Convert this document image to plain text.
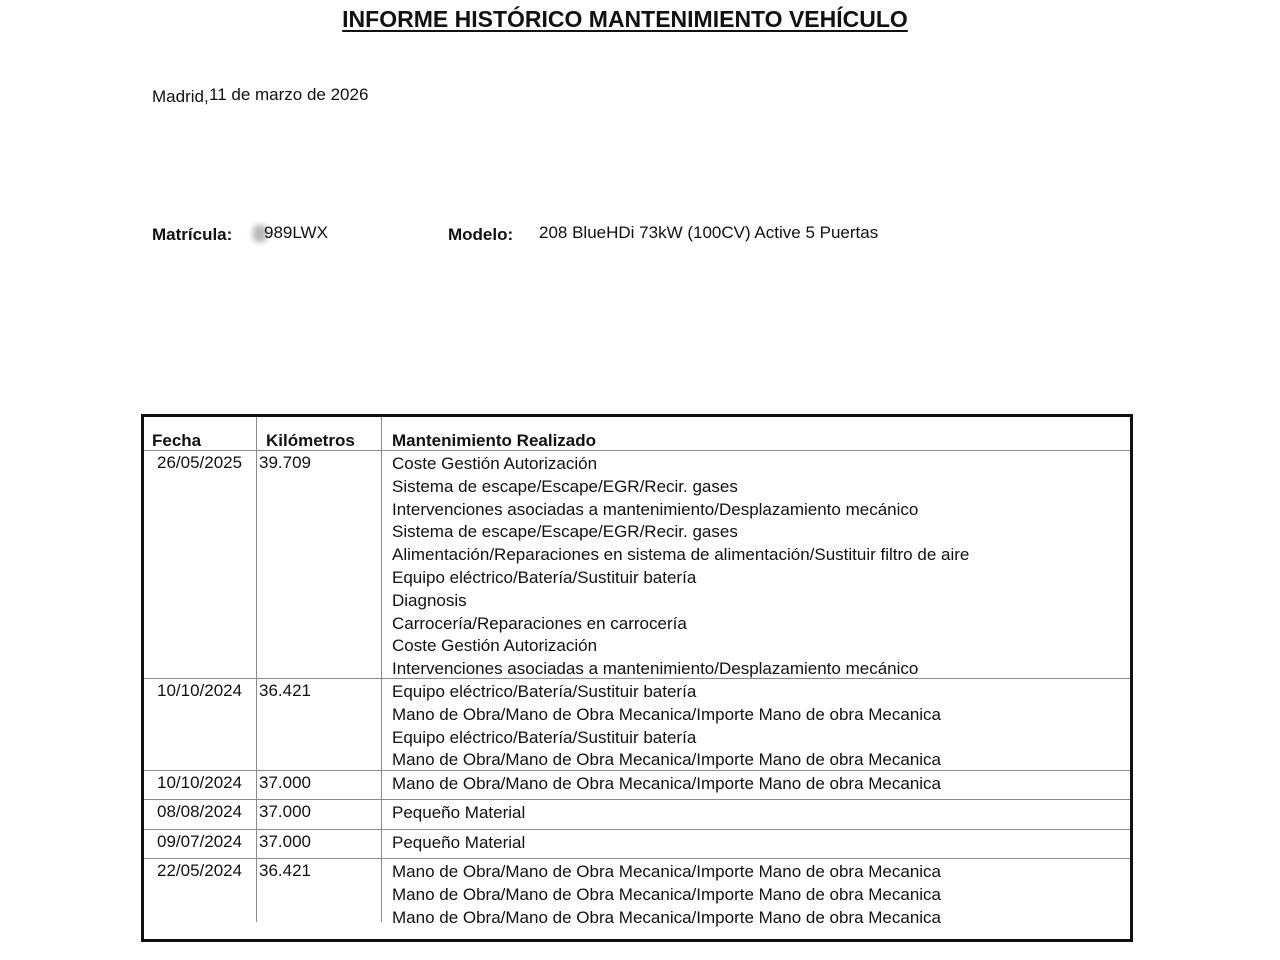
INFORME HISTÓRICO MANTENIMIENTO VEHÍCULO
Madrid, 11 de marzo de 2026
Matrícula: 989LWX	Modelo: 208 BlueHDi 73kW (100CV) Active 5 Puertas
Fecha	Kilómetros Mantenimiento Realizado
26/05/2025 39.709	Coste Gestión Autorización
Sistema de escape/Escape/EGR/Recir. gases
Intervenciones asociadas a mantenimiento/Desplazamiento mecánico
Sistema de escape/Escape/EGR/Recir. gases
Alimentación/Reparaciones en sistema de alimentación/Sustituir filtro de aire
Equipo eléctrico/Batería/Sustituir batería
Diagnosis
Carrocería/Reparaciones en carrocería
Coste Gestión Autorización
Intervenciones asociadas a mantenimiento/Desplazamiento mecánico
10/10/2024 36.421	Equipo eléctrico/Batería/Sustituir batería
Mano de Obra/Mano de Obra Mecanica/Importe Mano de obra Mecanica
Equipo eléctrico/Batería/Sustituir batería
Mano de Obra/Mano de Obra Mecanica/Importe Mano de obra Mecanica
10/10/2024 37.000	Mano de Obra/Mano de Obra Mecanica/Importe Mano de obra Mecanica
08/08/2024 37.000	Pequeño Material
09/07/2024 37.000	Pequeño Material
22/05/2024 36.421	Mano de Obra/Mano de Obra Mecanica/Importe Mano de obra Mecanica
Mano de Obra/Mano de Obra Mecanica/Importe Mano de obra Mecanica
Mano de Obra/Mano de Obra Mecanica/Importe Mano de obra Mecanica
